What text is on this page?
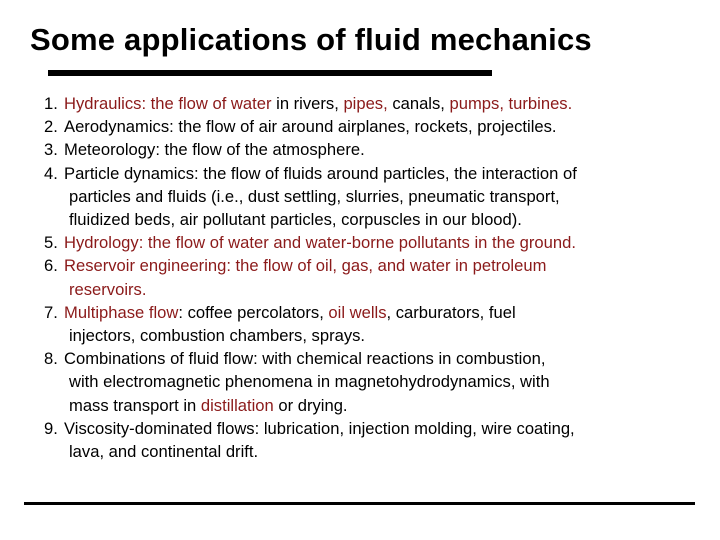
Some applications of fluid mechanics
1. Hydraulics: the flow of water in rivers, pipes, canals, pumps, turbines.
2. Aerodynamics: the flow of air around airplanes, rockets, projectiles.
3. Meteorology: the flow of the atmosphere.
4. Particle dynamics: the flow of fluids around particles, the interaction of
particles and fluids (i.e., dust settling, slurries, pneumatic transport,
fluidized beds, air pollutant particles, corpuscles in our blood).
5. Hydrology: the flow of water and water-borne pollutants in the ground.
6. Reservoir engineering: the flow of oil, gas, and water in petroleum
reservoirs.
7. Multiphase flow: coffee percolators, oil wells, carburators, fuel
injectors, combustion chambers, sprays.
8. Combinations of fluid flow: with chemical reactions in combustion,
with electromagnetic phenomena in magnetohydrodynamics, with
mass transport in distillation or drying.
9. Viscosity-dominated flows: lubrication, injection molding, wire coating,
lava, and continental drift.
